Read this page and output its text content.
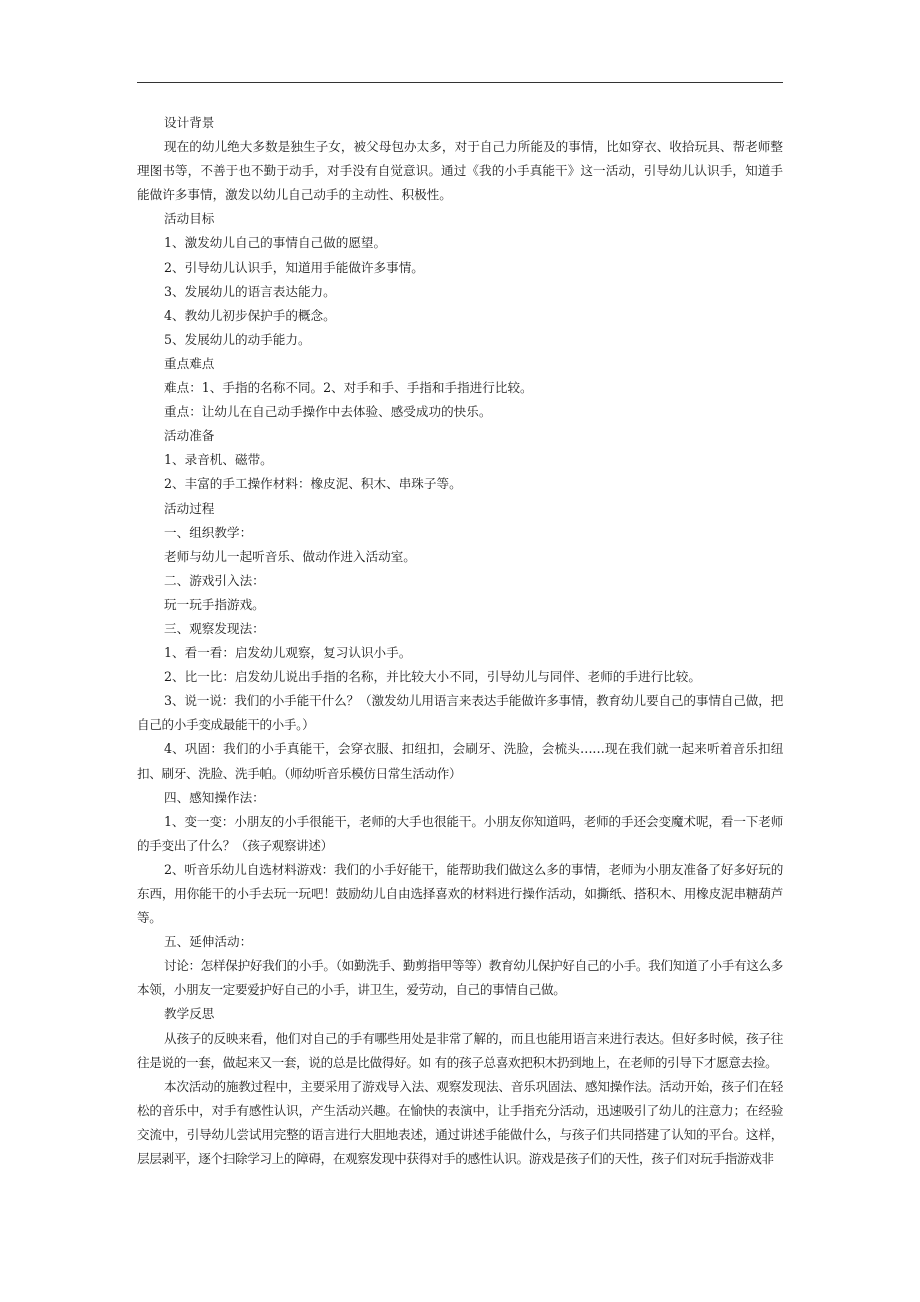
设计背景

现在的幼儿绝大多数是独生子女，被父母包办太多，对于自己力所能及的事情，比如穿衣、收拾玩具、帮老师整理图书等，不善于也不勤于动手，对手没有自觉意识。通过《我的小手真能干》这一活动，引导幼儿认识手，知道手能做许多事情，激发以幼儿自己动手的主动性、积极性。

活动目标

1、激发幼儿自己的事情自己做的愿望。

2、引导幼儿认识手，知道用手能做许多事情。

3、发展幼儿的语言表达能力。

4、教幼儿初步保护手的概念。

5、发展幼儿的动手能力。

重点难点

难点：1、手指的名称不同。2、对手和手、手指和手指进行比较。

重点：让幼儿在自己动手操作中去体验、感受成功的快乐。

活动准备

1、录音机、磁带。

2、丰富的手工操作材料：橡皮泥、积木、串珠子等。

活动过程

一、组织教学：

老师与幼儿一起听音乐、做动作进入活动室。

二、游戏引入法：

玩一玩手指游戏。

三、观察发现法：

1、看一看：启发幼儿观察，复习认识小手。

2、比一比：启发幼儿说出手指的名称，并比较大小不同，引导幼儿与同伴、老师的手进行比较。

3、说一说：我们的小手能干什么？（激发幼儿用语言来表达手能做许多事情，教育幼儿要自己的事情自己做，把自己的小手变成最能干的小手。）

4、巩固：我们的小手真能干，会穿衣服、扣纽扣，会刷牙、洗脸，会梳头……现在我们就一起来听着音乐扣纽扣、刷牙、洗脸、洗手帕。（师幼听音乐模仿日常生活动作）

四、感知操作法：

1、变一变：小朋友的小手很能干，老师的大手也很能干。小朋友你知道吗，老师的手还会变魔术呢，看一下老师的手变出了什么？（孩子观察讲述）

2、听音乐幼儿自选材料游戏：我们的小手好能干，能帮助我们做这么多的事情，老师为小朋友准备了好多好玩的东西，用你能干的小手去玩一玩吧！鼓励幼儿自由选择喜欢的材料进行操作活动，如撕纸、搭积木、用橡皮泥串糖葫芦等。

五、延伸活动：

讨论：怎样保护好我们的小手。（如勤洗手、勤剪指甲等等）教育幼儿保护好自己的小手。我们知道了小手有这么多本领，小朋友一定要爱护好自己的小手，讲卫生，爱劳动，自己的事情自己做。

教学反思

从孩子的反映来看，他们对自己的手有哪些用处是非常了解的，而且也能用语言来进行表达。但好多时候，孩子往往是说的一套，做起来又一套，说的总是比做得好。如 有的孩子总喜欢把积木扔到地上，在老师的引导下才愿意去捡。

本次活动的施教过程中，主要采用了游戏导入法、观察发现法、音乐巩固法、感知操作法。活动开始，孩子们在轻松的音乐中，对手有感性认识，产生活动兴趣。在愉快的表演中，让手指充分活动，迅速吸引了幼儿的注意力；在经验交流中，引导幼儿尝试用完整的语言进行大胆地表述，通过讲述手能做什么，与孩子们共同搭建了认知的平台。这样，层层剥平，逐个扫除学习上的障碍，在观察发现中获得对手的感性认识。游戏是孩子们的天性，孩子们对玩手指游戏非
